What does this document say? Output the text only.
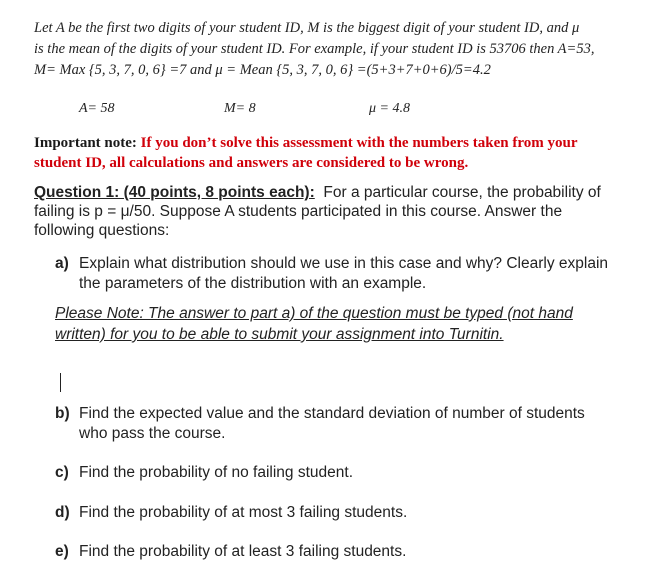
Let A be the first two digits of your student ID, M is the biggest digit of your student ID, and μ
is the mean of the digits of your student ID. For example, if your student ID is 53706 then A=53,
M= Max {5, 3, 7, 0, 6} =7 and μ = Mean {5, 3, 7, 0, 6} =(5+3+7+0+6)/5=4.2
A= 58	M= 8	μ = 4.8
Important note: If you don’t solve this assessment with the numbers taken from your
student ID, all calculations and answers are considered to be wrong.
Question 1: (40 points, 8 points each): For a particular course, the probability of
failing is p = μ/50. Suppose A students participated in this course. Answer the
following questions:
a) Explain what distribution should we use in this case and why? Clearly explain
the parameters of the distribution with an example.
Please Note: The answer to part a) of the question must be typed (not hand
written) for you to be able to submit your assignment into Turnitin.
b) Find the expected value and the standard deviation of number of students
who pass the course.
c) Find the probability of no failing student.
d) Find the probability of at most 3 failing students.
e) Find the probability of at least 3 failing students.
